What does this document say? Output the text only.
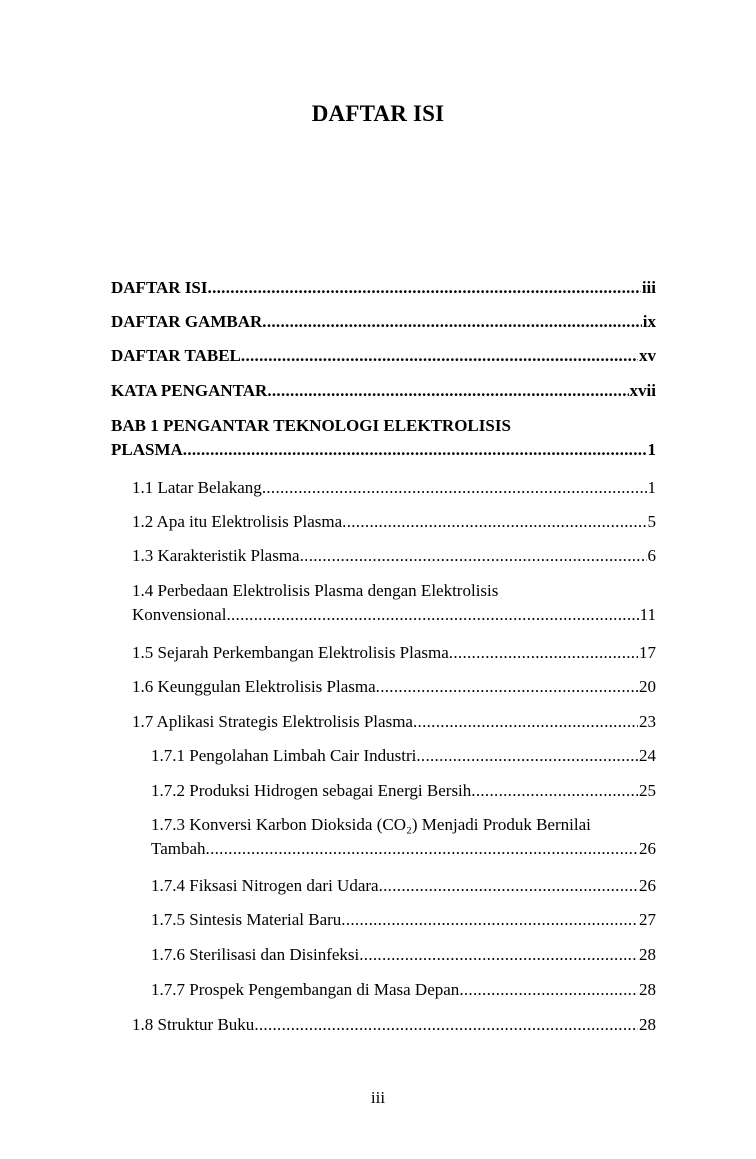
DAFTAR ISI
DAFTAR ISI .....	iii
DAFTAR GAMBAR .....	ix
DAFTAR TABEL .....	xv
KATA PENGANTAR .....	xvii
BAB 1 PENGANTAR TEKNOLOGI ELEKTROLISIS
PLASMA .....	1
1.1 Latar Belakang .....	1
1.2 Apa itu Elektrolisis Plasma .....	5
1.3 Karakteristik Plasma .....	6
1.4 Perbedaan Elektrolisis Plasma dengan Elektrolisis
Konvensional .....	11
1.5 Sejarah Perkembangan Elektrolisis Plasma .....	17
1.6 Keunggulan Elektrolisis Plasma .....	20
1.7 Aplikasi Strategis Elektrolisis Plasma .....	23
1.7.1 Pengolahan Limbah Cair Industri .....	24
1.7.2 Produksi Hidrogen sebagai Energi Bersih .....	25
1.7.3 Konversi Karbon Dioksida (CO₂) Menjadi Produk Bernilai
Tambah .....	26
1.7.4 Fiksasi Nitrogen dari Udara .....	26
1.7.5 Sintesis Material Baru .....	27
1.7.6 Sterilisasi dan Disinfeksi .....	28
1.7.7 Prospek Pengembangan di Masa Depan .....	28
1.8 Struktur Buku .....	28
iii
